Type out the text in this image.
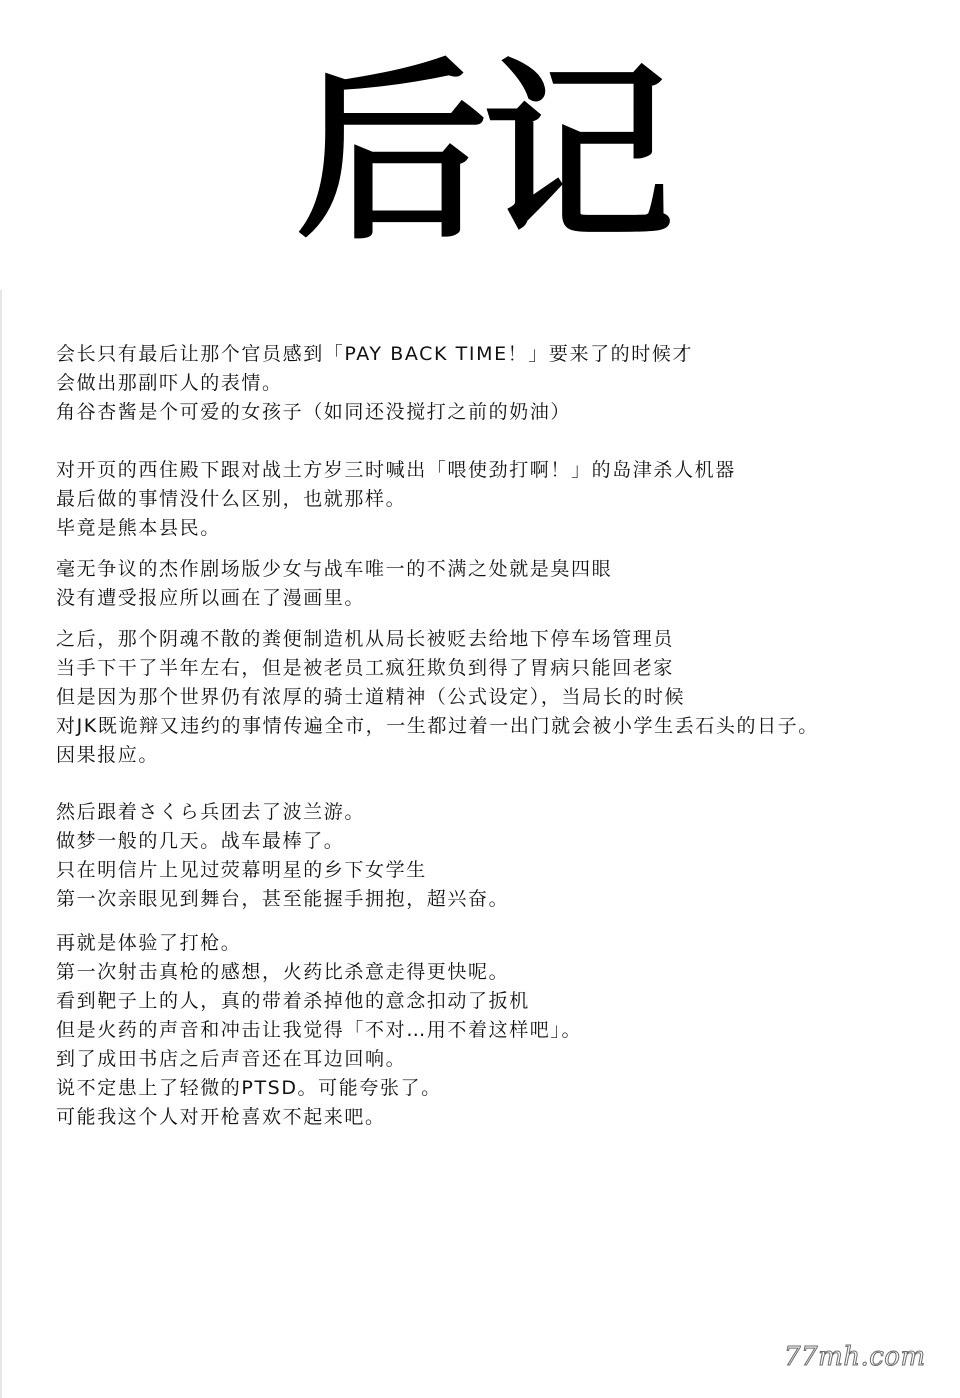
后记

会长只有最后让那个官员感到「PAY BACK TIME！」要来了的时候才
会做出那副吓人的表情。
角谷杏酱是个可爱的女孩子（如同还没搅打之前的奶油）

对开页的西住殿下跟对战土方岁三时喊出「喂使劲打啊！」的岛津杀人机器
最后做的事情没什么区别，也就那样。
毕竟是熊本县民。

毫无争议的杰作剧场版少女与战车唯一的不满之处就是臭四眼
没有遭受报应所以画在了漫画里。

之后，那个阴魂不散的粪便制造机从局长被贬去给地下停车场管理员
当手下干了半年左右，但是被老员工疯狂欺负到得了胃病只能回老家
但是因为那个世界仍有浓厚的骑士道精神（公式设定），当局长的时候
对JK既诡辩又违约的事情传遍全市，一生都过着一出门就会被小学生丢石头的日子。
因果报应。

然后跟着さくら兵团去了波兰游。
做梦一般的几天。战车最棒了。
只在明信片上见过荧幕明星的乡下女学生
第一次亲眼见到舞台，甚至能握手拥抱，超兴奋。

再就是体验了打枪。
第一次射击真枪的感想，火药比杀意走得更快呢。
看到靶子上的人，真的带着杀掉他的意念扣动了扳机
但是火药的声音和冲击让我觉得「不对…用不着这样吧」。
到了成田书店之后声音还在耳边回响。
说不定患上了轻微的PTSD。可能夸张了。
可能我这个人对开枪喜欢不起来吧。

77mh.com
